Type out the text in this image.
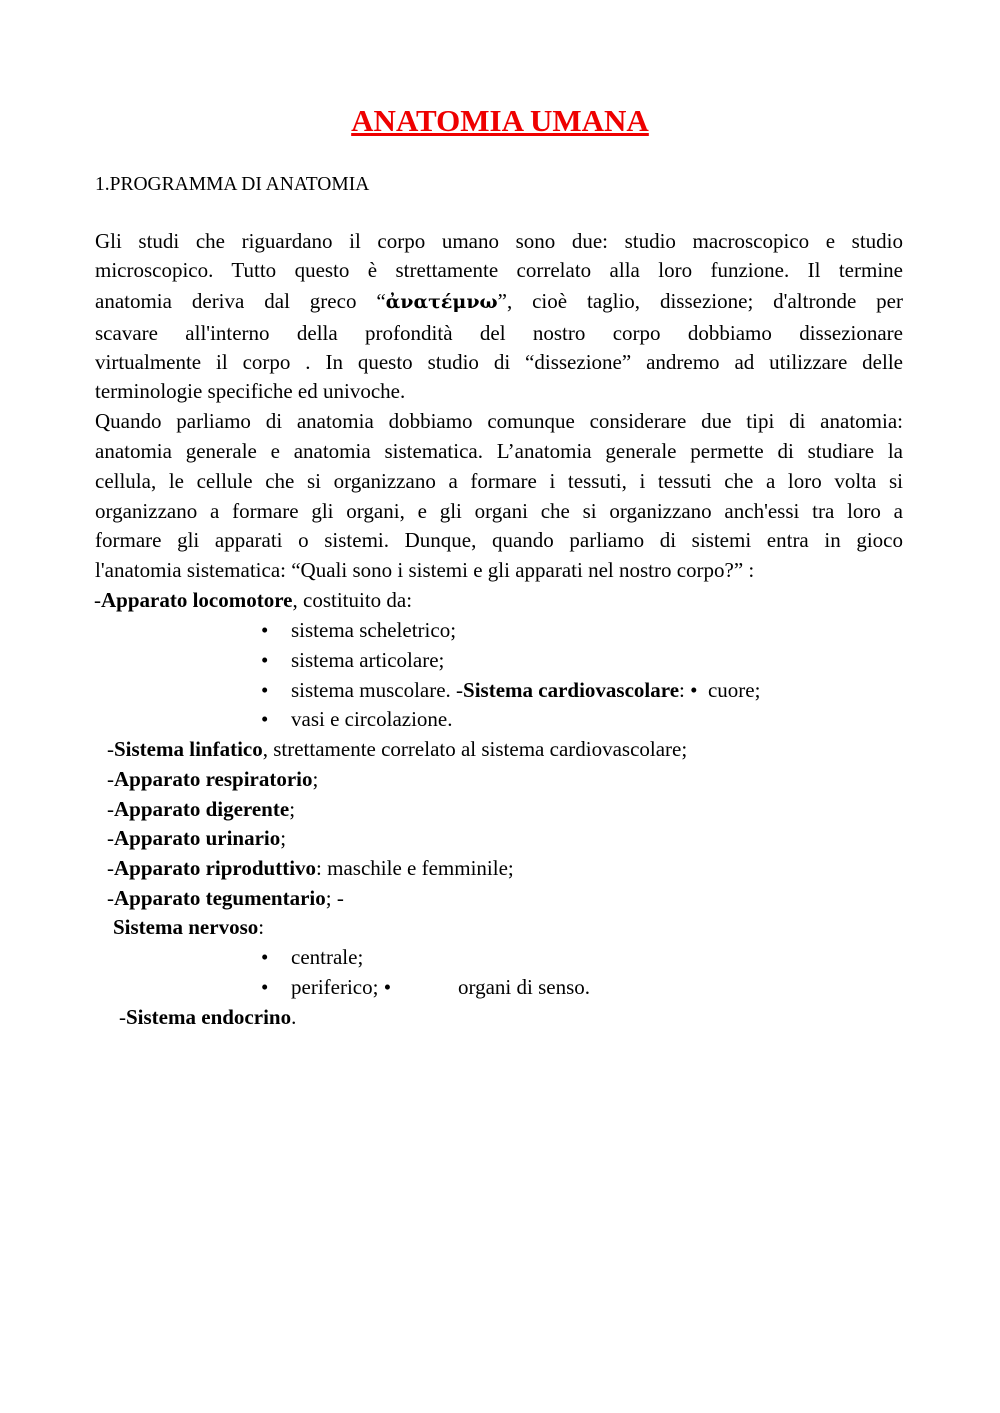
ANATOMIA UMANA
1.PROGRAMMA DI ANATOMIA
Gli studi che riguardano il corpo umano sono due: studio macroscopico e studio
microscopico. Tutto questo è strettamente correlato alla loro funzione. Il termine
anatomia deriva dal greco “ἀνατέμνω”, cioè taglio, dissezione; d'altronde per
scavare all'interno della profondità del nostro corpo dobbiamo dissezionare
virtualmente il corpo . In questo studio di “dissezione” andremo ad utilizzare delle
terminologie specifiche ed univoche.
Quando parliamo di anatomia dobbiamo comunque considerare due tipi di anatomia:
anatomia generale e anatomia sistematica. L’anatomia generale permette di studiare la
cellula, le cellule che si organizzano a formare i tessuti, i tessuti che a loro volta si
organizzano a formare gli organi, e gli organi che si organizzano anch'essi tra loro a
formare gli apparati o sistemi. Dunque, quando parliamo di sistemi entra in gioco
l'anatomia sistematica: “Quali sono i sistemi e gli apparati nel nostro corpo?” :
-Apparato locomotore, costituito da:
• sistema scheletrico;
• sistema articolare;
• sistema muscolare. -Sistema cardiovascolare: •  cuore;
• vasi e circolazione.
-Sistema linfatico, strettamente correlato al sistema cardiovascolare;
-Apparato respiratorio;
-Apparato digerente;
-Apparato urinario;
-Apparato riproduttivo: maschile e femminile;
-Apparato tegumentario; -
Sistema nervoso:
• centrale;
• periferico; •	organi di senso.
-Sistema endocrino.
